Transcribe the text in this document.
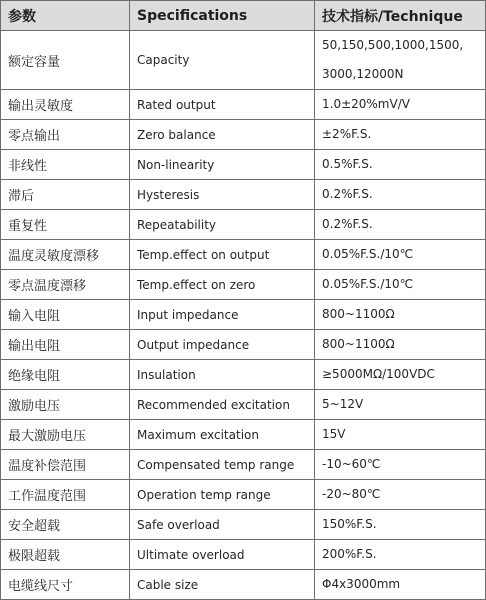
参数	Specifications	技术指标/Technique
额定容量	Capacity	50,150,500,1000,1500,
3000,12000N

输出灵敏度	Rated output	1.0±20%mV/V

零点输出	Zero balance	±2%F.S.

非线性	Non-linearity	0.5%F.S.

滞后	Hysteresis	0.2%F.S.

重复性	Repeatability	0.2%F.S.

温度灵敏度漂移	Temp.effect on output	0.05%F.S./10℃

零点温度漂移	Temp.effect on zero	0.05%F.S./10℃

输入电阻	Input impedance	800~1100Ω

输出电阻	Output impedance	800~1100Ω

绝缘电阻	Insulation	≥5000MΩ/100VDC

激励电压	Recommended excitation	5~12V

最大激励电压	Maximum excitation	15V

温度补偿范围	Compensated temp range	-10~60℃

工作温度范围	Operation temp range	-20~80℃

安全超载	Safe overload	150%F.S.

极限超载	Ultimate overload	200%F.S.

电缆线尺寸	Cable size	Φ4x3000mm
